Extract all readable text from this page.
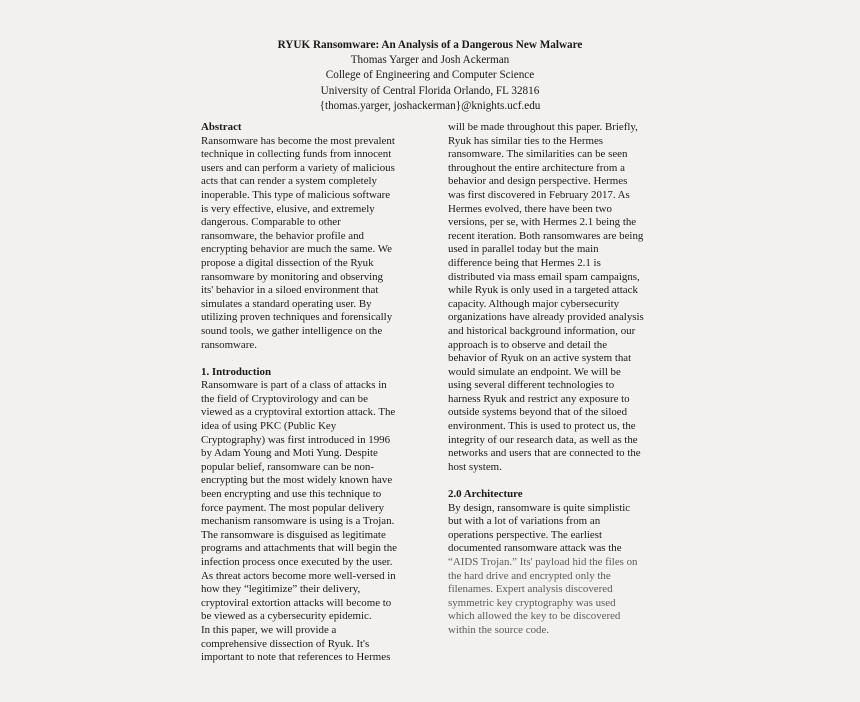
RYUK Ransomware: An Analysis of a Dangerous New Malware
Thomas Yarger and Josh Ackerman
College of Engineering and Computer Science
University of Central Florida Orlando, FL 32816
{thomas.yarger, joshackerman}@knights.ucf.edu
Abstract
Ransomware has become the most prevalent
technique in collecting funds from innocent
users and can perform a variety of malicious
acts that can render a system completely
inoperable. This type of malicious software
is very effective, elusive, and extremely
dangerous. Comparable to other
ransomware, the behavior profile and
encrypting behavior are much the same. We
propose a digital dissection of the Ryuk
ransomware by monitoring and observing
its' behavior in a siloed environment that
simulates a standard operating user. By
utilizing proven techniques and forensically
sound tools, we gather intelligence on the
ransomware.
1. Introduction
Ransomware is part of a class of attacks in
the field of Cryptovirology and can be
viewed as a cryptoviral extortion attack. The
idea of using PKC (Public Key
Cryptography) was first introduced in 1996
by Adam Young and Moti Yung. Despite
popular belief, ransomware can be non-
encrypting but the most widely known have
been encrypting and use this technique to
force payment. The most popular delivery
mechanism ransomware is using is a Trojan.
The ransomware is disguised as legitimate
programs and attachments that will begin the
infection process once executed by the user.
As threat actors become more well-versed in
how they “legitimize” their delivery,
cryptoviral extortion attacks will become to
be viewed as a cybersecurity epidemic.
In this paper, we will provide a
comprehensive dissection of Ryuk. It's
important to note that references to Hermes
will be made throughout this paper. Briefly,
Ryuk has similar ties to the Hermes
ransomware. The similarities can be seen
throughout the entire architecture from a
behavior and design perspective. Hermes
was first discovered in February 2017. As
Hermes evolved, there have been two
versions, per se, with Hermes 2.1 being the
recent iteration. Both ransomwares are being
used in parallel today but the main
difference being that Hermes 2.1 is
distributed via mass email spam campaigns,
while Ryuk is only used in a targeted attack
capacity. Although major cybersecurity
organizations have already provided analysis
and historical background information, our
approach is to observe and detail the
behavior of Ryuk on an active system that
would simulate an endpoint. We will be
using several different technologies to
harness Ryuk and restrict any exposure to
outside systems beyond that of the siloed
environment. This is used to protect us, the
integrity of our research data, as well as the
networks and users that are connected to the
host system.
2.0 Architecture
By design, ransomware is quite simplistic
but with a lot of variations from an
operations perspective. The earliest
documented ransomware attack was the
“AIDS Trojan.” Its' payload hid the files on
the hard drive and encrypted only the
filenames. Expert analysis discovered
symmetric key cryptography was used
which allowed the key to be discovered
within the source code.
